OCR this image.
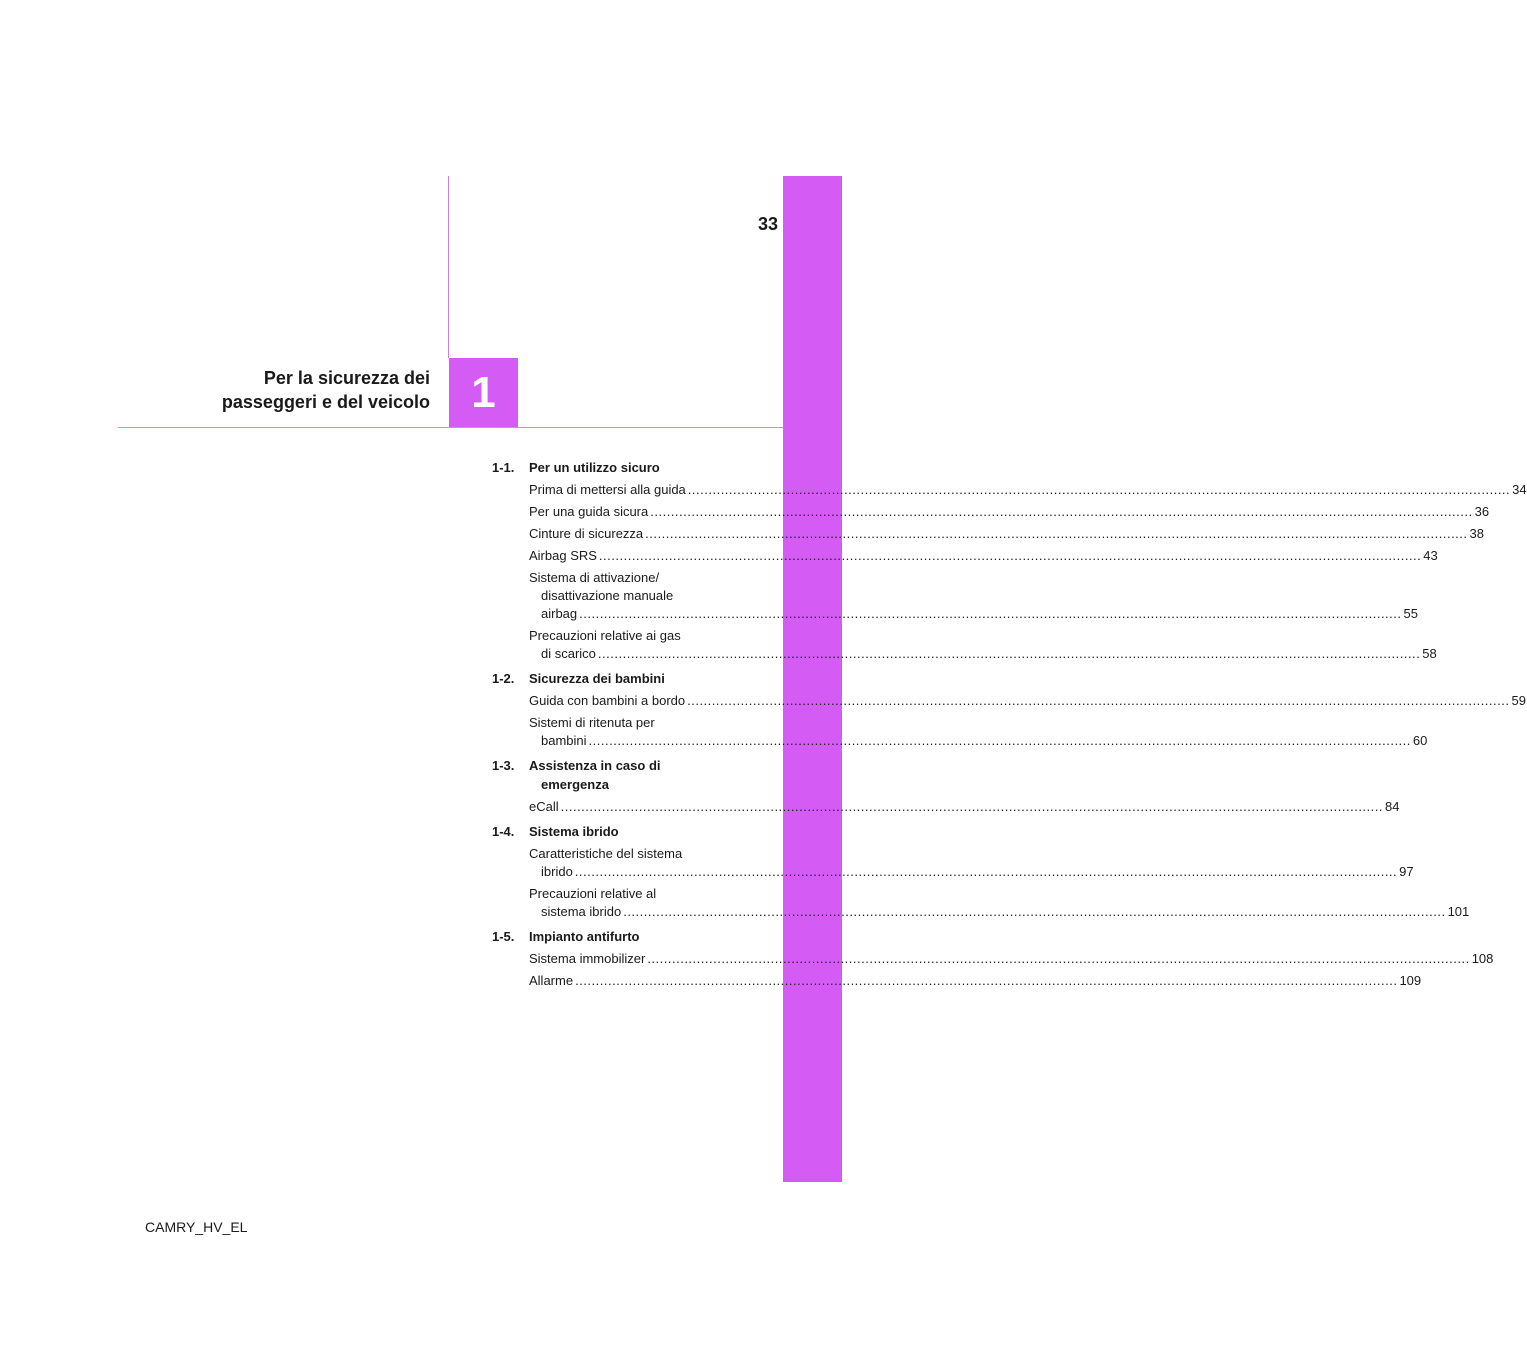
33
1
Per la sicurezza dei
passeggeri e del veicolo
1-1.	Per un utilizzo sicuro
Prima di mettersi alla guida ........................................................................................................................................................................................................ 34
Per una guida sicura ........................................................................................................................................................................................................ 36
Cinture di sicurezza ........................................................................................................................................................................................................ 38
Airbag SRS ........................................................................................................................................................................................................ 43
Sistema di attivazione/
disattivazione manuale
airbag ........................................................................................................................................................................................................ 55
Precauzioni relative ai gas
di scarico ........................................................................................................................................................................................................ 58
1-2.	Sicurezza dei bambini
Guida con bambini a bordo ........................................................................................................................................................................................................ 59
Sistemi di ritenuta per
bambini ........................................................................................................................................................................................................ 60
1-3.	Assistenza in caso di
emergenza
eCall ........................................................................................................................................................................................................ 84
1-4.	Sistema ibrido
Caratteristiche del sistema
ibrido ........................................................................................................................................................................................................ 97
Precauzioni relative al
sistema ibrido ........................................................................................................................................................................................................ 101
1-5.	Impianto antifurto
Sistema immobilizer ........................................................................................................................................................................................................ 108
Allarme ........................................................................................................................................................................................................ 109
CAMRY_HV_EL
